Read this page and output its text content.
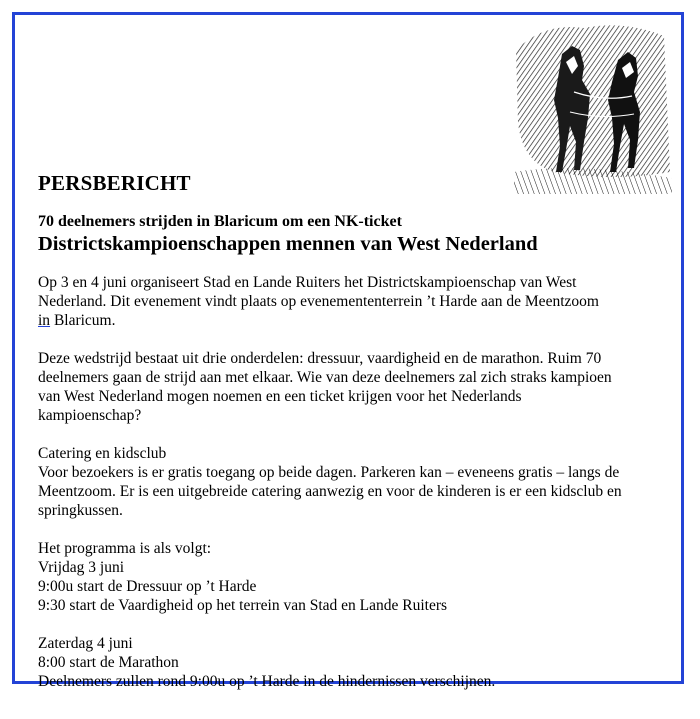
PERSBERICHT
70 deelnemers strijden in Blaricum om een NK-ticket
Districtskampioenschappen mennen van West Nederland

Op 3 en 4 juni organiseert Stad en Lande Ruiters het Districtskampioenschap van West

Nederland. Dit evenement vindt plaats op evenemententerrein ’t Harde aan de Meentzoom

in Blaricum.

Deze wedstrijd bestaat uit drie onderdelen: dressuur, vaardigheid en de marathon. Ruim 70

deelnemers gaan de strijd aan met elkaar. Wie van deze deelnemers zal zich straks kampioen

van West Nederland mogen noemen en een ticket krijgen voor het Nederlands

kampioenschap?

Catering en kidsclub

Voor bezoekers is er gratis toegang op beide dagen. Parkeren kan – eveneens gratis – langs de

Meentzoom. Er is een uitgebreide catering aanwezig en voor de kinderen is er een kidsclub en

springkussen.

Het programma is als volgt:

Vrijdag 3 juni

9:00u start de Dressuur op ’t Harde

9:30 start de Vaardigheid op het terrein van Stad en Lande Ruiters

Zaterdag 4 juni

8:00 start de Marathon

Deelnemers zullen rond 9:00u op ’t Harde in de hindernissen verschijnen.
